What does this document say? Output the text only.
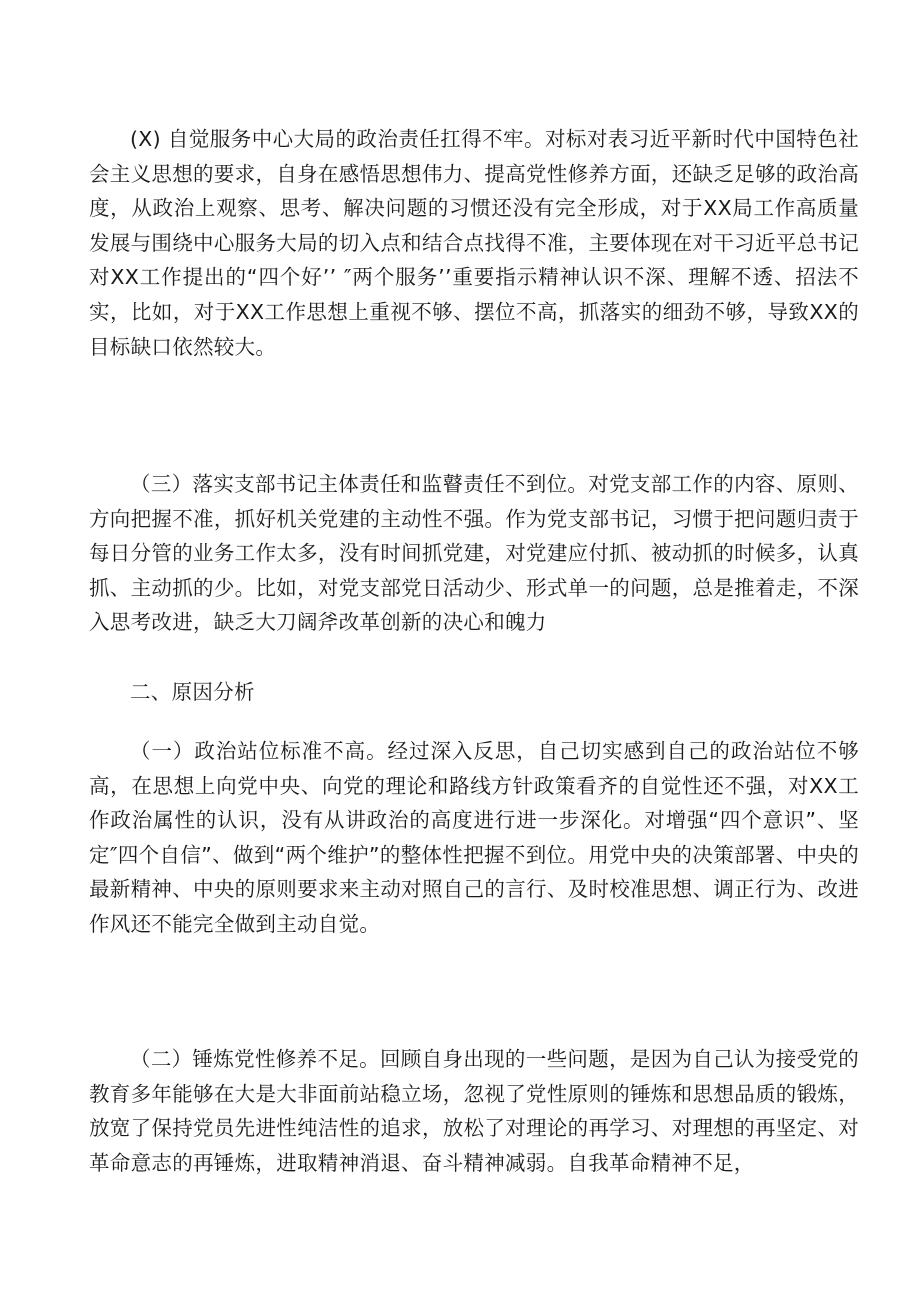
(X) 自觉服务中心大局的政治责任扛得不牢。对标对表习近平新时代中国特色社会主义思想的要求，自身在感悟思想伟力、提高党性修养方面，还缺乏足够的政治高度，从政治上观察、思考、解决问题的习惯还没有完全形成，对于XX局工作高质量发展与围绕中心服务大局的切入点和结合点找得不准，主要体现在对干习近平总书记对XX工作提出的“四个好’’ ″两个服务’’重要指示精神认识不深、理解不透、招法不实，比如，对于XX工作思想上重视不够、摆位不高，抓落实的细劲不够，导致XX的目标缺口依然较大。

（三）落实支部书记主体责任和监瞽责任不到位。对党支部工作的内容、原则、方向把握不准，抓好机关党建的主动性不强。作为党支部书记，习惯于把问题归责于每日分管的业务工作太多，没有时间抓党建，对党建应付抓、被动抓的时候多，认真抓、主动抓的少。比如，对党支部党日活动少、形式单一的问题，总是推着走，不深入思考改进，缺乏大刀阔斧改革创新的决心和魄力

二、原因分析

（一）政治站位标准不高。经过深入反思，自己切实感到自己的政治站位不够高，在思想上向党中央、向党的理论和路线方针政策看齐的自觉性还不强，对XX工作政治属性的认识，没有从讲政治的高度进行进一步深化。对增强“四个意识”、坚定″四个自信”、做到“两个维护”的整体性把握不到位。用党中央的决策部署、中央的最新精神、中央的原则要求来主动对照自己的言行、及时校准思想、调正行为、改进作风还不能完全做到主动自觉。

（二）锤炼党性修养不足。回顾自身出现的一些问题，是因为自己认为接受党的教育多年能够在大是大非面前站稳立场，忽视了党性原则的锤炼和思想品质的锻炼，放宽了保持党员先进性纯洁性的追求，放松了对理论的再学习、对理想的再坚定、对革命意志的再锤炼，进取精神消退、奋斗精神减弱。自我革命精神不足，
